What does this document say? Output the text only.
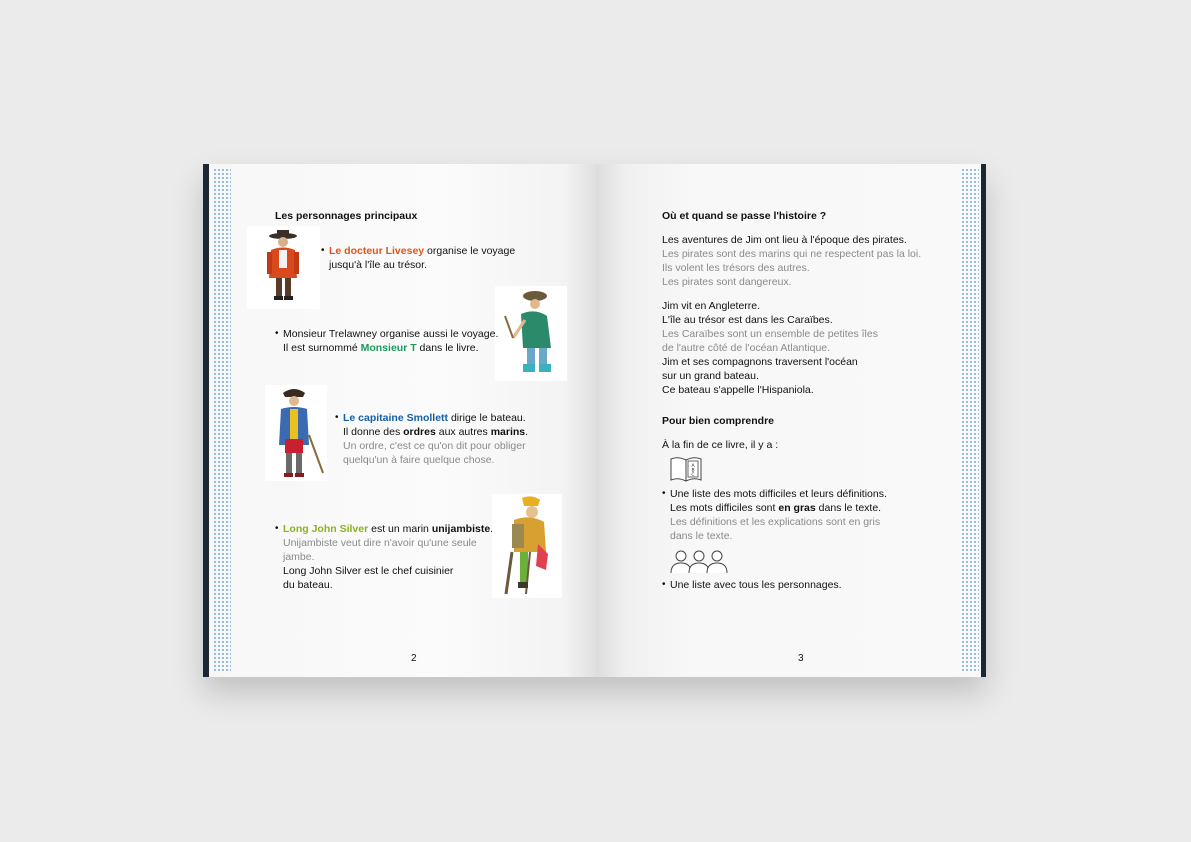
Les personnages principaux
• Le docteur Livesey organise le voyage
jusqu'à l'île au trésor.
• Monsieur Trelawney organise aussi le voyage.
Il est surnommé Monsieur T dans le livre.
• Le capitaine Smollett dirige le bateau.
Il donne des ordres aux autres marins.
Un ordre, c'est ce qu'on dit pour obliger
quelqu'un à faire quelque chose.
• Long John Silver est un marin unijambiste.
Unijambiste veut dire n'avoir qu'une seule
jambe.
Long John Silver est le chef cuisinier
du bateau.
2
Où et quand se passe l'histoire ?
Les aventures de Jim ont lieu à l'époque des pirates.
Les pirates sont des marins qui ne respectent pas la loi.
Ils volent les trésors des autres.
Les pirates sont dangereux.
Jim vit en Angleterre.
L'île au trésor est dans les Caraïbes.
Les Caraïbes sont un ensemble de petites îles
de l'autre côté de l'océan Atlantique.
Jim et ses compagnons traversent l'océan
sur un grand bateau.
Ce bateau s'appelle l'Hispaniola.
Pour bien comprendre
À la fin de ce livre, il y a :
A
B
C
• Une liste des mots difficiles et leurs définitions.
Les mots difficiles sont en gras dans le texte.
Les définitions et les explications sont en gris
dans le texte.
• Une liste avec tous les personnages.
3
